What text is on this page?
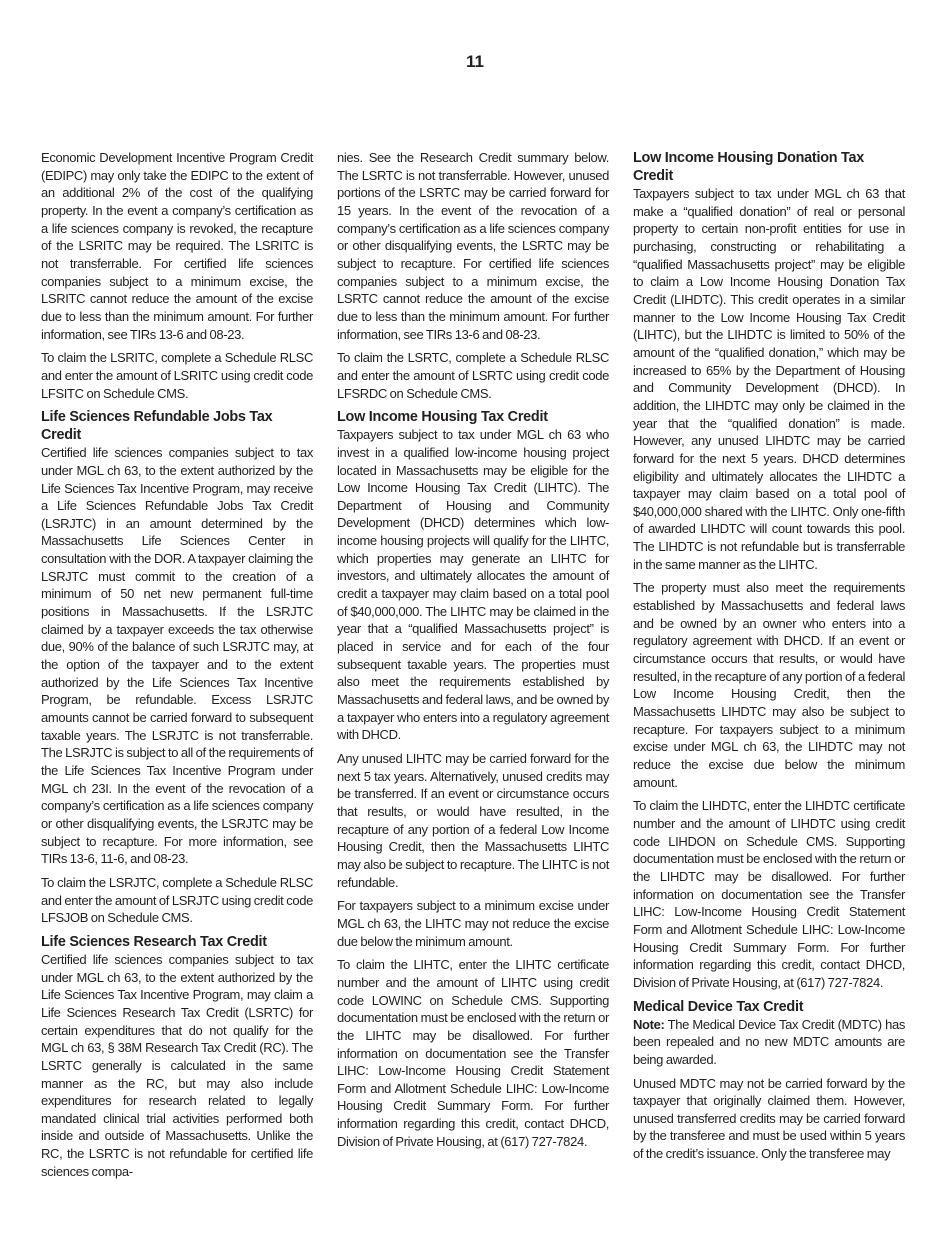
11

Economic Development Incentive Program Credit (EDIPC) may only take the EDIPC to the extent of an additional 2% of the cost of the qualifying property. In the event a company’s certification as a life sciences company is revoked, the recapture of the LSRITC may be required. The LSRITC is not transferrable. For certified life sciences companies subject to a minimum excise, the LSRITC cannot reduce the amount of the excise due to less than the minimum amount. For further information, see TIRs 13-6 and 08-23.

To claim the LSRITC, complete a Schedule RLSC and enter the amount of LSRITC using credit code LFSITC on Schedule CMS.

Life Sciences Refundable Jobs Tax Credit

Certified life sciences companies subject to tax under MGL ch 63, to the extent authorized by the Life Sciences Tax Incentive Program, may receive a Life Sciences Refundable Jobs Tax Credit (LSRJTC) in an amount determined by the Massachusetts Life Sciences Center in consultation with the DOR. A taxpayer claiming the LSRJTC must commit to the creation of a minimum of 50 net new permanent full-time positions in Massachusetts. If the LSRJTC claimed by a taxpayer exceeds the tax otherwise due, 90% of the balance of such LSRJTC may, at the option of the taxpayer and to the extent authorized by the Life Sciences Tax Incentive Program, be refundable. Excess LSRJTC amounts cannot be carried forward to subsequent taxable years. The LSRJTC is not transferrable. The LSRJTC is subject to all of the requirements of the Life Sciences Tax Incentive Program under MGL ch 23I. In the event of the revocation of a company’s certification as a life sciences company or other disqualifying events, the LSRJTC may be subject to recapture. For more information, see TIRs 13-6, 11-6, and 08-23.

To claim the LSRJTC, complete a Schedule RLSC and enter the amount of LSRJTC using credit code LFSJOB on Schedule CMS.

Life Sciences Research Tax Credit

Certified life sciences companies subject to tax under MGL ch 63, to the extent authorized by the Life Sciences Tax Incentive Program, may claim a Life Sciences Research Tax Credit (LSRTC) for certain expenditures that do not qualify for the MGL ch 63, § 38M Research Tax Credit (RC). The LSRTC generally is calculated in the same manner as the RC, but may also include expenditures for research related to legally mandated clinical trial activities performed both inside and outside of Massachusetts. Unlike the RC, the LSRTC is not refundable for certified life sciences compa-

nies. See the Research Credit summary below. The LSRTC is not transferrable. However, unused portions of the LSRTC may be carried forward for 15 years. In the event of the revocation of a company’s certification as a life sciences company or other disqualifying events, the LSRTC may be subject to recapture. For certified life sciences companies subject to a minimum excise, the LSRTC cannot reduce the amount of the excise due to less than the minimum amount. For further information, see TIRs 13-6 and 08-23.

To claim the LSRTC, complete a Schedule RLSC and enter the amount of LSRTC using credit code LFSRDC on Schedule CMS.

Low Income Housing Tax Credit

Taxpayers subject to tax under MGL ch 63 who invest in a qualified low-income housing project located in Massachusetts may be eligible for the Low Income Housing Tax Credit (LIHTC). The Department of Housing and Community Development (DHCD) determines which low-income housing projects will qualify for the LIHTC, which properties may generate an LIHTC for investors, and ultimately allocates the amount of credit a taxpayer may claim based on a total pool of $40,000,000. The LIHTC may be claimed in the year that a “qualified Massachusetts project” is placed in service and for each of the four subsequent taxable years. The properties must also meet the requirements established by Massachusetts and federal laws, and be owned by a taxpayer who enters into a regulatory agreement with DHCD.

Any unused LIHTC may be carried forward for the next 5 tax years. Alternatively, unused credits may be transferred. If an event or circumstance occurs that results, or would have resulted, in the recapture of any portion of a federal Low Income Housing Credit, then the Massachusetts LIHTC may also be subject to recapture. The LIHTC is not refundable.

For taxpayers subject to a minimum excise under MGL ch 63, the LIHTC may not reduce the excise due below the minimum amount.

To claim the LIHTC, enter the LIHTC certificate number and the amount of LIHTC using credit code LOWINC on Schedule CMS. Supporting documentation must be enclosed with the return or the LIHTC may be disallowed. For further information on documentation see the Transfer LIHC: Low-Income Housing Credit Statement Form and Allotment Schedule LIHC: Low-Income Housing Credit Summary Form. For further information regarding this credit, contact DHCD, Division of Private Housing, at (617) 727-7824.

Low Income Housing Donation Tax Credit

Taxpayers subject to tax under MGL ch 63 that make a “qualified donation” of real or personal property to certain non-profit entities for use in purchasing, constructing or rehabilitating a “qualified Massachusetts project” may be eligible to claim a Low Income Housing Donation Tax Credit (LIHDTC). This credit operates in a similar manner to the Low Income Housing Tax Credit (LIHTC), but the LIHDTC is limited to 50% of the amount of the “qualified donation,” which may be increased to 65% by the Department of Housing and Community Development (DHCD). In addition, the LIHDTC may only be claimed in the year that the “qualified donation” is made. However, any unused LIHDTC may be carried forward for the next 5 years. DHCD determines eligibility and ultimately allocates the LIHDTC a taxpayer may claim based on a total pool of $40,000,000 shared with the LIHTC. Only one-fifth of awarded LIHDTC will count towards this pool. The LIHDTC is not refundable but is transferrable in the same manner as the LIHTC.

The property must also meet the requirements established by Massachusetts and federal laws and be owned by an owner who enters into a regulatory agreement with DHCD. If an event or circumstance occurs that results, or would have resulted, in the recapture of any portion of a federal Low Income Housing Credit, then the Massachusetts LIHDTC may also be subject to recapture. For taxpayers subject to a minimum excise under MGL ch 63, the LIHDTC may not reduce the excise due below the minimum amount.

To claim the LIHDTC, enter the LIHDTC certificate number and the amount of LIHDTC using credit code LIHDON on Schedule CMS. Supporting documentation must be enclosed with the return or the LIHDTC may be disallowed. For further information on documentation see the Transfer LIHC: Low-Income Housing Credit Statement Form and Allotment Schedule LIHC: Low-Income Housing Credit Summary Form. For further information regarding this credit, contact DHCD, Division of Private Housing, at (617) 727-7824.

Medical Device Tax Credit

Note: The Medical Device Tax Credit (MDTC) has been repealed and no new MDTC amounts are being awarded.

Unused MDTC may not be carried forward by the taxpayer that originally claimed them. However, unused transferred credits may be carried forward by the transferee and must be used within 5 years of the credit’s issuance. Only the transferee may
